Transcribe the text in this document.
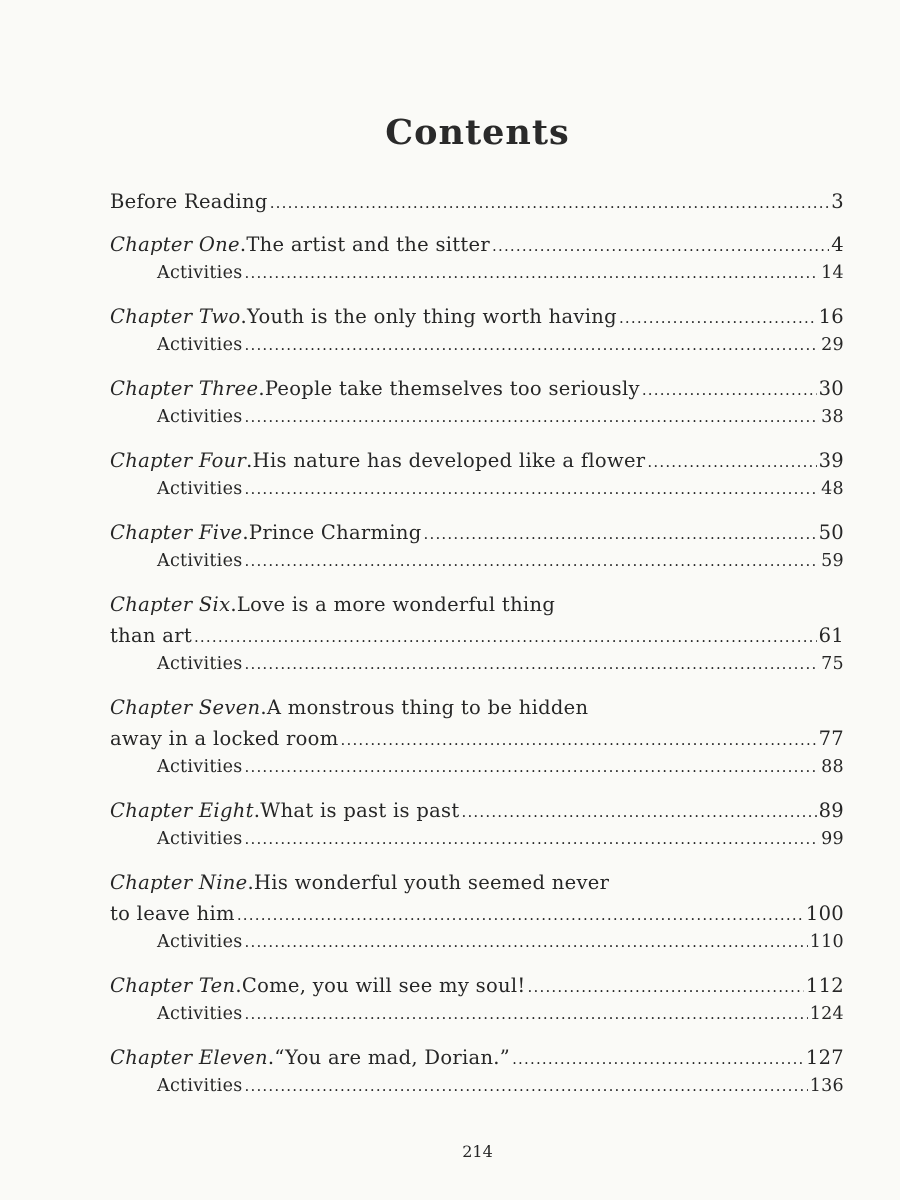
Contents
Before Reading .....	3
Chapter One . The artist and the sitter .....	4
Activities .....	14
Chapter Two . Youth is the only thing worth having .....	16
Activities .....	29
Chapter Three . People take themselves too seriously .....	30
Activities .....	38
Chapter Four . His nature has developed like a flower .....	39
Activities .....	48
Chapter Five . Prince Charming .....	50
Activities .....	59
Chapter Six . Love is a more wonderful thing
than art .....	61
Activities .....	75
Chapter Seven . A monstrous thing to be hidden
away in a locked room .....	77
Activities .....	88
Chapter Eight . What is past is past .....	89
Activities .....	99
Chapter Nine . His wonderful youth seemed never
to leave him .....	100
Activities .....	110
Chapter Ten . Come, you will see my soul! .....	112
Activities .....	124
Chapter Eleven . “You are mad, Dorian.” .....	127
Activities .....	136
214
